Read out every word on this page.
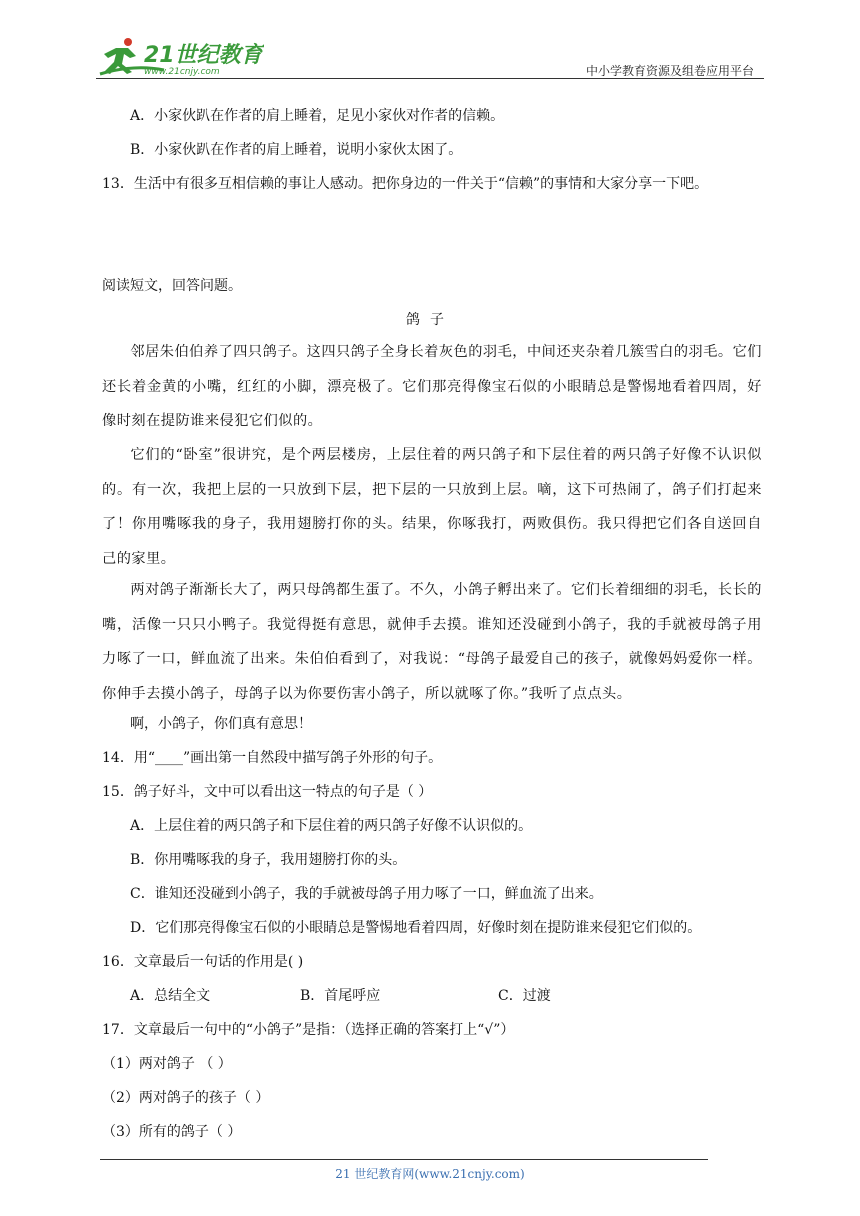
21世纪教育
www.21cnjy.com	中小学教育资源及组卷应用平台
A．小家伙趴在作者的肩上睡着，足见小家伙对作者的信赖。
B．小家伙趴在作者的肩上睡着，说明小家伙太困了。
13．生活中有很多互相信赖的事让人感动。把你身边的一件关于“信赖”的事情和大家分享一下吧。
阅读短文，回答问题。
鸽子
邻居朱伯伯养了四只鸽子。这四只鸽子全身长着灰色的羽毛，中间还夹杂着几簇雪白的羽毛。它们还长着金黄的小嘴，红红的小脚，漂亮极了。它们那亮得像宝石似的小眼睛总是警惕地看着四周，好像时刻在提防谁来侵犯它们似的。
它们的“卧室”很讲究，是个两层楼房，上层住着的两只鸽子和下层住着的两只鸽子好像不认识似的。有一次，我把上层的一只放到下层，把下层的一只放到上层。嘀，这下可热闹了，鸽子们打起来了！你用嘴啄我的身子，我用翅膀打你的头。结果，你啄我打，两败俱伤。我只得把它们各自送回自己的家里。
两对鸽子渐渐长大了，两只母鸽都生蛋了。不久，小鸽子孵出来了。它们长着细细的羽毛，长长的嘴，活像一只只小鸭子。我觉得挺有意思，就伸手去摸。谁知还没碰到小鸽子，我的手就被母鸽子用力啄了一口，鲜血流了出来。朱伯伯看到了，对我说：“母鸽子最爱自己的孩子，就像妈妈爱你一样。你伸手去摸小鸽子，母鸽子以为你要伤害小鸽子，所以就啄了你。”我听了点点头。
啊，小鸽子，你们真有意思！
14．用“____”画出第一自然段中描写鸽子外形的句子。
15．鸽子好斗，文中可以看出这一特点的句子是（ ）
A．上层住着的两只鸽子和下层住着的两只鸽子好像不认识似的。
B．你用嘴啄我的身子，我用翅膀打你的头。
C．谁知还没碰到小鸽子，我的手就被母鸽子用力啄了一口，鲜血流了出来。
D．它们那亮得像宝石似的小眼睛总是警惕地看着四周，好像时刻在提防谁来侵犯它们似的。
16．文章最后一句话的作用是( )
A．总结全文	B．首尾呼应	C．过渡
17．文章最后一句中的“小鸽子”是指：（选择正确的答案打上“√”）
（1）两对鸽子 （ ）
（2）两对鸽子的孩子（ ）
（3）所有的鸽子（ ）
21 世纪教育网(www.21cnjy.com)
